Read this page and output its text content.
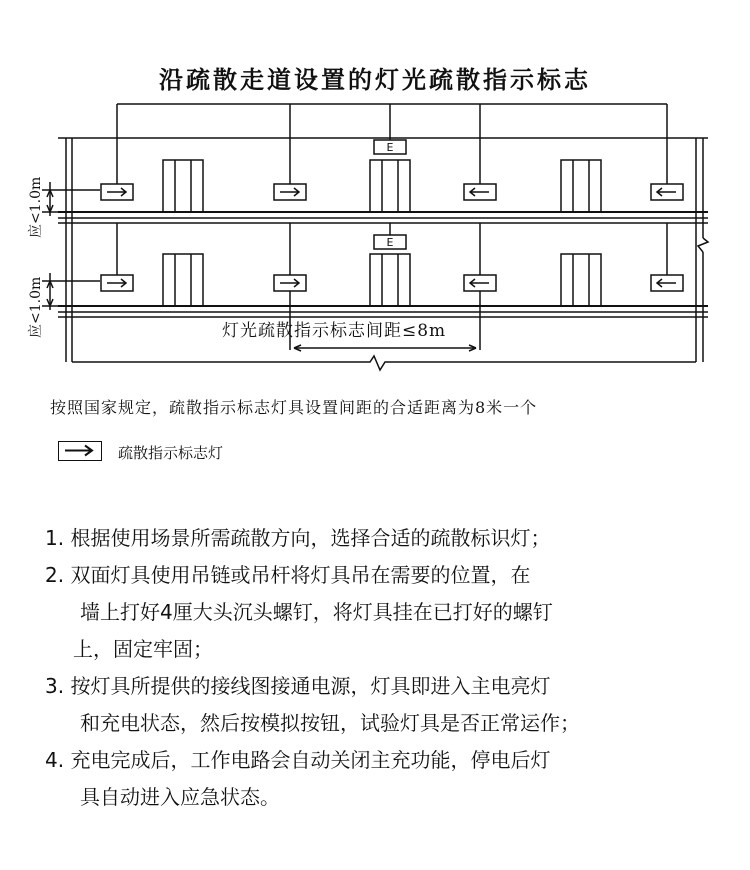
沿疏散走道设置的灯光疏散指示标志
E
E
应<1.0m
应<1.0m	灯光疏散指示标志间距≤8m
按照国家规定，疏散指示标志灯具设置间距的合适距离为8米一个
疏散指示标志灯

1. 根据使用场景所需疏散方向，选择合适的疏散标识灯；

2. 双面灯具使用吊链或吊杆将灯具吊在需要的位置，在

墙上打好4厘大头沉头螺钉，将灯具挂在已打好的螺钉

上，固定牢固；

3. 按灯具所提供的接线图接通电源，灯具即进入主电亮灯

和充电状态，然后按模拟按钮，试验灯具是否正常运作；

4. 充电完成后，工作电路会自动关闭主充功能，停电后灯

具自动进入应急状态。
